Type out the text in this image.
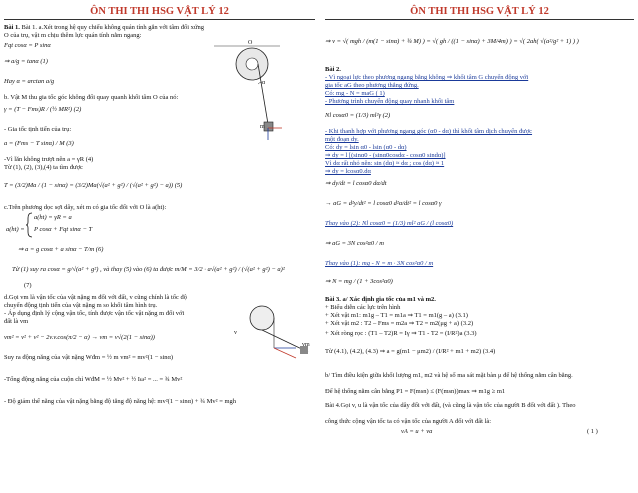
ÔN THI THI HSG VẬT LÝ 12
Bài 1. Bài 1. a.Xét trong hệ quy chiếu không quán tính gắn với tâm đối xứng
O của trụ, vật m chịu thêm lực quán tính nằm ngang:
Fqt cosα = P sinα
⇒ a/g = tanα (1)
Hay α = arctan a/g
b. Vật M thu gia tốc góc không đổi quay quanh khối tâm O của nó:
γ = (T − Fms)R / (½ MR²) (2)
- Gia tốc tịnh tiến của trụ:
a = (Fms − T sinα) / M (3)
-Vì lăn không trượt nên a = γR (4)
Từ (1), (2), (3),(4) ta tìm được
T = (3/2)Ma / (1 − sinα) = (3/2)Ma(√(a² + g²) / (√(a² + g²) − a)) (5)
c.Trên phương dọc sợi dây, xét m có gia tốc đối với O là a(ht):
a(ht) = γR = a
P cosα + Fqt sinα − T
a(ht) =
⇒ a = g cosα + a sinα − T/m (6)
Từ (1) suy ra cosα = g/√(a² + g²) , và thay (5) vào (6) ta được m/M = 3/2 · a√(a² + g²) / (√(a² + g²) − a)²
(7)
d.Gọi vm là vận tốc của vật nặng m đối với đất, v cũng chính là tốc độ
chuyển động tịnh tiến của vật nặng m so khối tâm hình trụ.
- Áp dụng định lý cộng vận tốc, tính được vận tốc vật nặng m đối với
đất là vm
vm² = v² + v² − 2v.v.cos(π/2 − α) → vm = v√(2(1 − sinα))
Suy ra động năng của vật nặng Wđm = ½ m vm² = mv²(1 − sinα)
-Tổng động năng của cuộn chỉ WđM = ½ Mv² + ½ Iω² = ... = ¾ Mv²
- Độ giảm thế năng của vật nặng bằng độ tăng độ năng hệ: mv²(1 − sinα) + ¾ Mv² = mgh
O
m
α
v
vm
ÔN THI THI HSG VẬT LÝ 12
⇒ v = √( mgh / (m(1 − sinα) + ¾ M) ) = √( gh / ((1 − sinα) + 3M/4m) ) = √( 2ah( √(a²/g² + 1) ) )
Bài 2.
- Vì ngoại lực theo phương ngang bằng không ⇒ khối tâm G chuyển động với
gia tốc aG theo phương thẳng đứng.
Có: mg - N = maG ( 1)
- Phương trình chuyển động quay nhanh khối tâm
Nl cosα0 = (1/3) ml²γ (2)
- Khi thanh hợp với phương ngang góc (α0 - dα) thì khối tâm dịch chuyển được
một đoạn dy.
Có: dy = lsin α0 - lsin (α0 - dα)
⇒ dy = l [(sinα0 - (sinα0cosdα - cosα0 sindα)]
Vì dα rất nhỏ nên: sin (dα) ≈ dα ; cos (dα) ≈ 1
⇒ dy = lcosα0.dα
⇒ dy/dt = l cosα0 dα/dt
→ aG = d²y/dt² = l cosα0 d²α/dt² = l cosα0 γ
Thay vào (2): Nl cosα0 = (1/3) ml² aG / (l cosα0)
⇒ aG = 3N cos²α0 / m
Thay vào (1): mg - N = m · 3N cos²α0 / m
⇒ N = mg / (1 + 3cos²α0)
Bài 3. a/ Xác định gia tốc của m1 và m2.
+ Biểu diễn các lực trên hình
+ Xét vật m1: m1g – T1 = m1a ⇒ T1 = m1(g – a) (3.1)
+ Xét vật m2 : T2 – Fms = m2a ⇒ T2 = m2(μg + a) (3.2)
+ Xét ròng rọc : (T1 – T2)R = Iγ ⇒ T1 - T2 = (I/R²)a (3.3)
Từ (4.1), (4.2), (4.3) ⇒ a = g(m1 − μm2) / (I/R² + m1 + m2) (3.4)
b/ Tìm điều kiện giữa khối lượng m1, m2 và hệ số ma sát mặt bàn μ để hệ thống nằm cân bằng.
Để hệ thống nằm cân bằng P1 = F(msn) ≤ (F(msn))max ⇒ m1g ≥ m1
Bài 4.Gọi v, u là vận tốc của dây đối với đất, (và cũng là vận tốc của người B đối với đất ). Theo
công thức cộng vận tốc ta có vận tốc của người A đối với đất là:
vA = u + va	( 1 )
